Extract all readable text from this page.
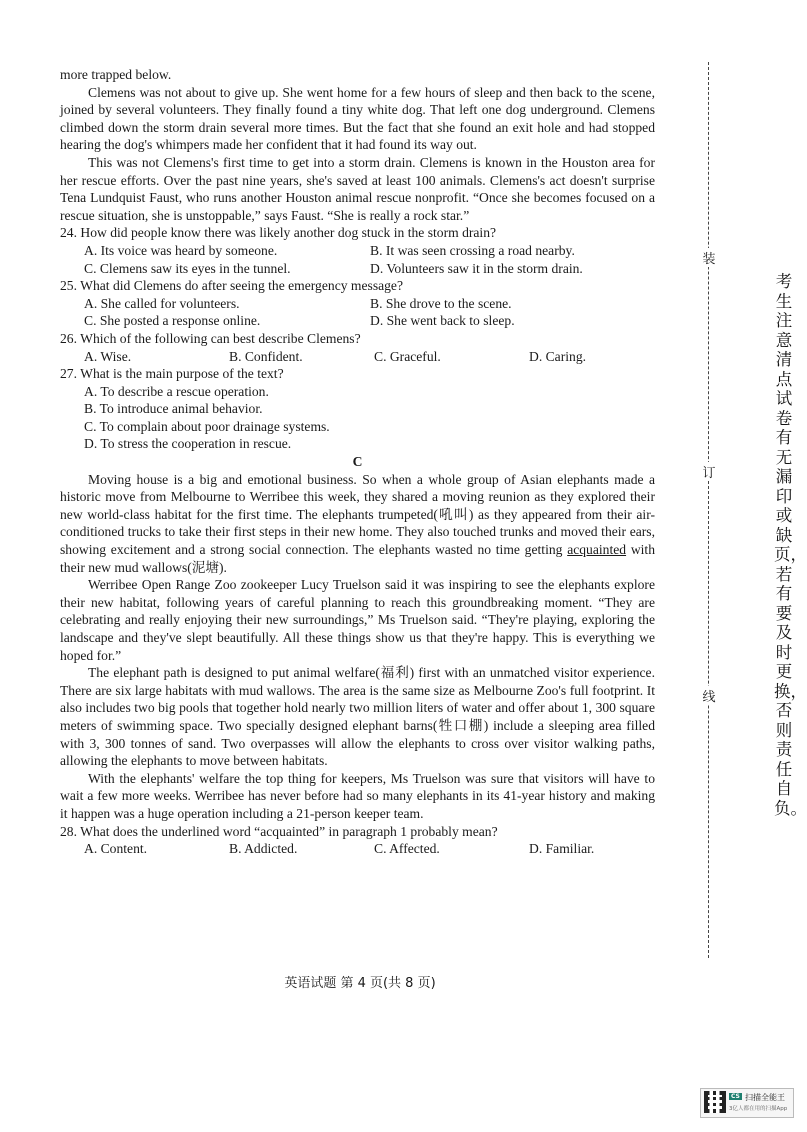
more trapped below.

Clemens was not about to give up. She went home for a few hours of sleep and then back to the scene, joined by several volunteers. They finally found a tiny white dog. That left one dog underground. Clemens climbed down the storm drain several more times. But the fact that she found an exit hole and had stopped hearing the dog's whimpers made her confident that it had found its way out.

This was not Clemens's first time to get into a storm drain. Clemens is known in the Houston area for her rescue efforts. Over the past nine years, she's saved at least 100 animals. Clemens's act doesn't surprise Tena Lundquist Faust, who runs another Houston animal rescue nonprofit. “Once she becomes focused on a rescue situation, she is unstoppable,” says Faust. “She is really a rock star.”

24. How did people know there was likely another dog stuck in the storm drain?

A. Its voice was heard by someone.	B. It was seen crossing a road nearby.
C. Clemens saw its eyes in the tunnel.	D. Volunteers saw it in the storm drain.

25. What did Clemens do after seeing the emergency message?

A. She called for volunteers.	B. She drove to the scene.
C. She posted a response online.	D. She went back to sleep.

26. Which of the following can best describe Clemens?

A. Wise.	B. Confident.	C. Graceful.	D. Caring.

27. What is the main purpose of the text?

A. To describe a rescue operation.

B. To introduce animal behavior.

C. To complain about poor drainage systems.

D. To stress the cooperation in rescue.

C

Moving house is a big and emotional business. So when a whole group of Asian elephants made a historic move from Melbourne to Werribee this week, they shared a moving reunion as they explored their new world-class habitat for the first time. The elephants trumpeted(吼叫) as they appeared from their air-conditioned trucks to take their first steps in their new home. They also touched trunks and moved their ears, showing excitement and a strong social connection. The elephants wasted no time getting acquainted with their new mud wallows(泥塘).

Werribee Open Range Zoo zookeeper Lucy Truelson said it was inspiring to see the elephants explore their new habitat, following years of careful planning to reach this groundbreaking moment. “They are celebrating and really enjoying their new surroundings,” Ms Truelson said. “They're playing, exploring the landscape and they've slept beautifully. All these things show us that they're happy. This is everything we hoped for.”

The elephant path is designed to put animal welfare(福利) first with an unmatched visitor experience. There are six large habitats with mud wallows. The area is the same size as Melbourne Zoo's full footprint. It also includes two big pools that together hold nearly two million liters of water and offer about 1, 300 square meters of swimming space. Two specially designed elephant barns(牲口棚) include a sleeping area filled with 3, 300 tonnes of sand. Two overpasses will allow the elephants to cross over visitor walking paths, allowing the elephants to move between habitats.

With the elephants' welfare the top thing for keepers, Ms Truelson was sure that visitors will have to wait a few more weeks. Werribee has never before had so many elephants in its 41-year history and making it happen was a huge operation including a 21-person keeper team.

28. What does the underlined word “acquainted” in paragraph 1 probably mean?

A. Content.	B. Addicted.	C. Affected.	D. Familiar.
英语试题 第 4 页(共 8 页)
装
订
线
考生注意清点试卷有无漏印或缺页，若有要及时更换，否则责任自负。
CS 扫描全能王
3亿人都在用的扫描App
